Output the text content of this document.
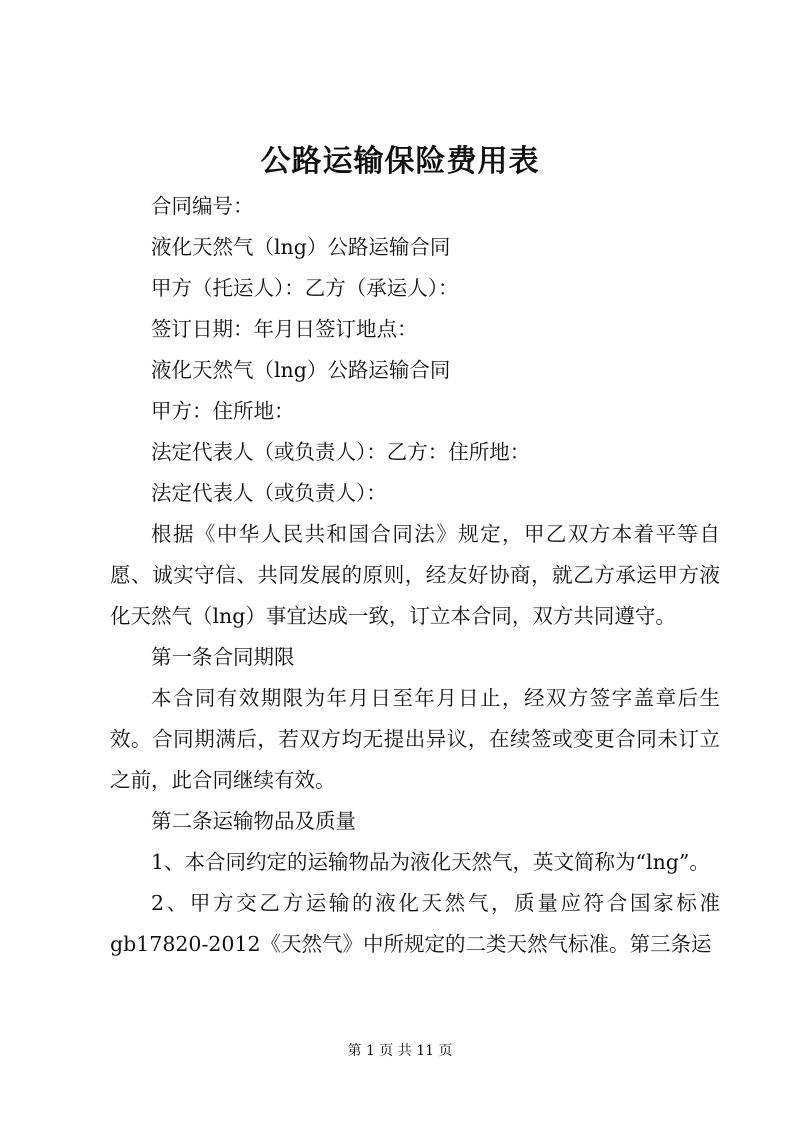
公路运输保险费用表

合同编号：

液化天然气（lng）公路运输合同

甲方（托运人）：乙方（承运人）：

签订日期：年月日签订地点：

液化天然气（lng）公路运输合同

甲方：住所地：

法定代表人（或负责人）：乙方：住所地：

法定代表人（或负责人）：

根据《中华人民共和国合同法》规定，甲乙双方本着平等自愿、诚实守信、共同发展的原则，经友好协商，就乙方承运甲方液化天然气（lng）事宜达成一致，订立本合同，双方共同遵守。

第一条合同期限

本合同有效期限为年月日至年月日止，经双方签字盖章后生效。合同期满后，若双方均无提出异议，在续签或变更合同未订立之前，此合同继续有效。

第二条运输物品及质量

1、本合同约定的运输物品为液化天然气，英文简称为“lng”。

2、甲方交乙方运输的液化天然气，质量应符合国家标准gb17820-2012《天然气》中所规定的二类天然气标准。第三条运

第 1 页 共 11 页
